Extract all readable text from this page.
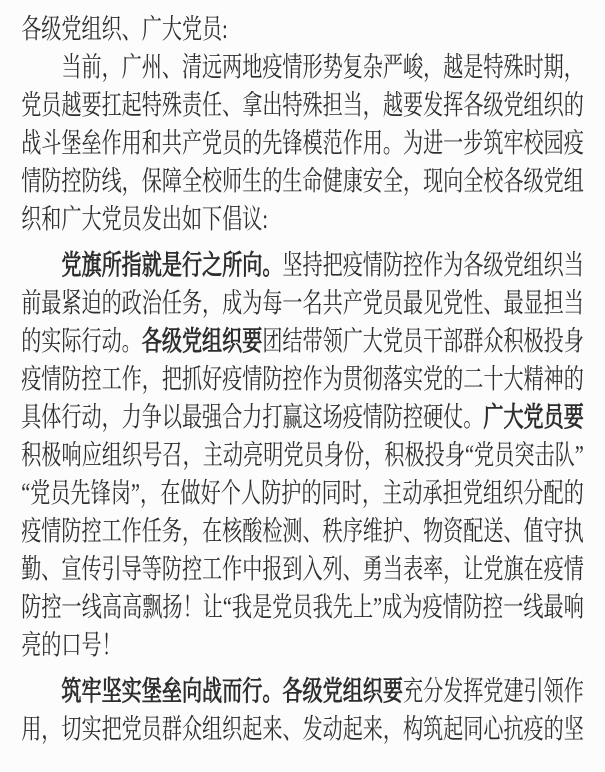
各级党组织、广大党员:

当前，广州、清远两地疫情形势复杂严峻，越是特殊时期，党员越要扛起特殊责任、拿出特殊担当，越要发挥各级党组织的战斗堡垒作用和共产党员的先锋模范作用。为进一步筑牢校园疫情防控防线，保障全校师生的生命健康安全，现向全校各级党组织和广大党员发出如下倡议:

党旗所指就是行之所向。坚持把疫情防控作为各级党组织当前最紧迫的政治任务，成为每一名共产党员最见党性、最显担当的实际行动。各级党组织要团结带领广大党员干部群众积极投身疫情防控工作，把抓好疫情防控作为贯彻落实党的二十大精神的具体行动，力争以最强合力打赢这场疫情防控硬仗。广大党员要积极响应组织号召，主动亮明党员身份，积极投身“党员突击队”“党员先锋岗”，在做好个人防护的同时，主动承担党组织分配的疫情防控工作任务，在核酸检测、秩序维护、物资配送、值守执勤、宣传引导等防控工作中报到入列、勇当表率，让党旗在疫情防控一线高高飘扬！让“我是党员我先上”成为疫情防控一线最响亮的口号！

筑牢坚实堡垒向战而行。各级党组织要充分发挥党建引领作用，切实把党员群众组织起来、发动起来，构筑起同心抗疫的坚
